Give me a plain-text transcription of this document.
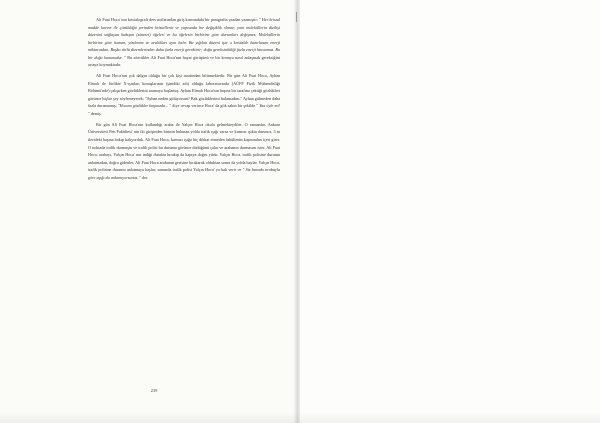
Ali Fuat Hoca' nın kristalografi ders notlarından giriş kısmındaki bir paragrafta yazdan yazmıştır: " Her kristal madde kuvvet ile çözüldüğü yerinden kristallenir ve yapısında bir değişiklik olmaz; yani moleküllerin dizilişi düzenini sağlayan bakışım (simetri) öğeleri ve bu öğelerin birbirine göre durumları değişmez. Moleküllerin birbirine göre konum, yönlenim ve aralıkları aynı kalır. Bu yığılım düzeni işte o kristalde hazırlanan enerji miktarından. Başka türlü dizemlerinden daha fazla enerji gerektirir; doğa gereksinildiği fazla enerji harcamaz. Bu bir doğa kanunudur. " Bu sözcükler Ali Fuat Hoca'nın hayat görüşünü ve bir konuya nasıl anlaşmak gereksiğini ortaya koymaktadır.

Ali Fuat Hoca'nın çok dalgın olduğu bir çok kişi tarafından bilinmektedir. Bir gün Ali Fuat Hoca, Ayhan Elmalı ile birlikte X-ışınları konuşlarının (şimdiki adı) olduğu laboratuvarda (AÜFF Fizik Mühendisliği Bölümü'nde) çalışırken gözlüklerini aramaya başlamış. Ayhan Elmalı Hoca'nın başına bir tarafına çektiği gözlükleri görünce hiçbir şey söylemeyerek; "Ayhan neden gülüyorsun? Bak gözlüklerimi bulamadım." Ayhan gülmeden daha fazla duramamış; "Hocam gözlükler başınızda... " diye cevap verince Hoca' da gök sakin bir şekilde " Yaa öyle mi! " demiş.

Bir gün Ali Fuat Hoca'nın kullandığı araba ile Yalçın Hoca okula gelmekteydiler. O zamanlar, Ankara Üniversitesi Fen Fakültesi' nin iki girişinden birinin bulunan yolda trafik ışığı varsa ve kırmızı ışıkta durunca, 3 m ilerideki başına bakıp kalıyorduk. Ali Fuat Hoca, kırmızı ışığa hiç dikkat etmeden fakültenin kapısından içeri girer. O noktada trafik durmuştu ve trafik polisi bu durumu görünce düdüğünü çalar ve arabanın durmasını ister. Ali Fuat Hoca, arabayı, Yalçın Hoca' nın indiği durakta bırakıp da kapıya doğru yürür. Yalçın Hoca, trafik polisine durumu anlatmadan, doğru gidenler, Ali Fuat Hoca arabanın gerisine bırakarak olduktan sonra da yolda baylar. Yalçın Hoca, trafik polisine durumu anlatmaya başlar; sonunda trafik polisi Yalçın Hoca' ya bak verir ve " Siz burada arabayla göre aşığı da anlamıyorsunuz. " der.

239
